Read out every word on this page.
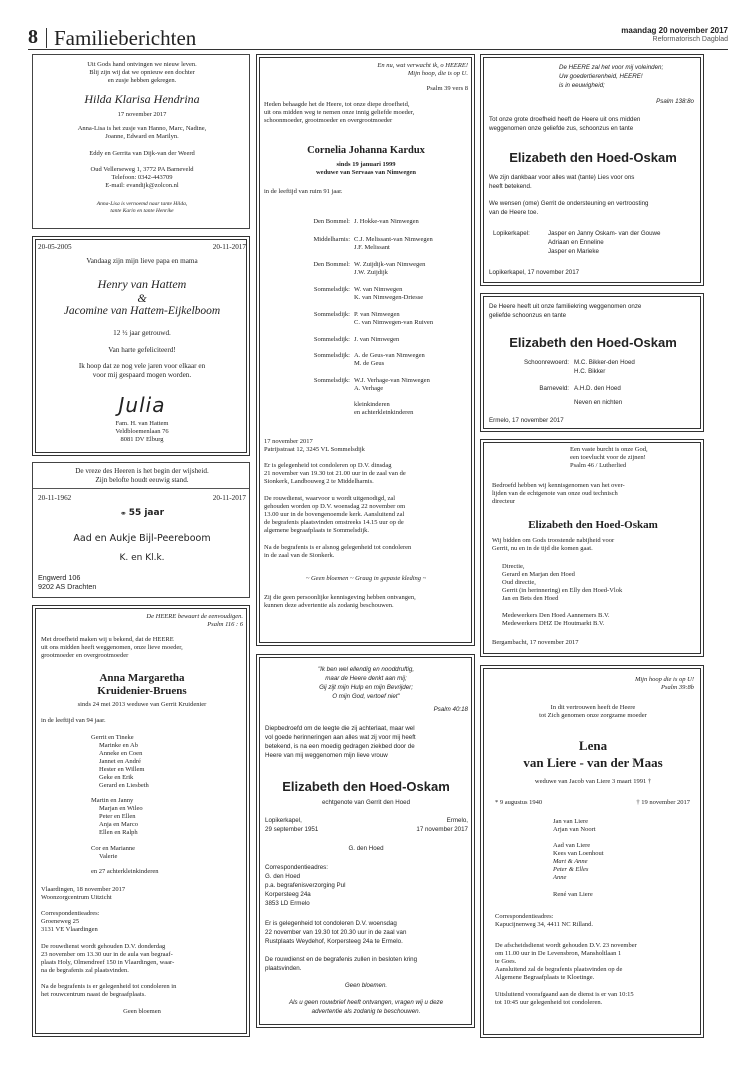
8 Familieberichten	maandag 20 november 2017
Reformatorisch Dagblad
Uit Gods hand ontvingen we nieuw leven.
Blij zijn wij dat we opnieuw een dochter
en zusje hebben gekregen.
Hilda Klarisa Hendrina
17 november 2017
Anna-Lisa is het zusje van Hanno, Marc, Nadine,
Joanne, Edward en Marilyn.
Eddy en Gerrita van Dijk-van der Weerd
Oud Vellerseweg 1, 3772 PA Barneveld
Telefoon: 0342-443709
E-mail: evandijk@zolcon.nl
Anna-Lisa is vernoemd naar tante Hilda,
tante Karin en tante Henrike
20-05-2005	20-11-2017
Vandaag zijn mijn lieve papa en mama
Henry van Hattem
&
Jacomine van Hattem-Eijkelboom
12 ½ jaar getrouwd.
Van harte gefeliciteerd!
Ik hoop dat ze nog vele jaren voor elkaar en
voor mij gespaard mogen worden.
Julia
Fam. H. van Hattem
Veldbloemenlaan 76
8081 DV Elburg
De vreze des Heeren is het begin der wijsheid.
Zijn belofte houdt eeuwig stand.
20-11-1962	20-11-2017
⚭ 55 jaar
Aad en Aukje Bijl-Peereboom
K. en Kl.k.
Engwerd 106
9202 AS Drachten
De HEERE bewaart de eenvoudigen.
Psalm 116 : 6
Met droefheid maken wij u bekend, dat de HEERE
uit ons midden heeft weggenomen, onze lieve moeder,
grootmoeder en overgrootmoeder
Anna Margaretha
Kruidenier-Bruens
sinds 24 mei 2013 weduwe van Gerrit Kruidenier
in de leeftijd van 94 jaar.
Gerrit en Tineke
Marinke en Ab
Anneke en Coen
Jannet en André
Hester en Willem
Geke en Erik
Gerard en Liesbeth
Martin en Janny
Marjan en Wileo
Peter en Ellen
Anja en Marco
Ellen en Ralph
Cor en Marianne
Valerie
en 27 achterkleinkinderen
Vlaardingen, 18 november 2017
Woonzorgcentrum Uitzicht
Correspondentieadres:
Groeneweg 25
3131 VE Vlaardingen
De rouwdienst wordt gehouden D.V. donderdag
23 november om 13.30 uur in de aula van begraaf-
plaats Holy, Olmendreef 150 in Vlaardingen, waar-
na de begrafenis zal plaatsvinden.
Na de begrafenis is er gelegenheid tot condoleren in
het rouwcentrum naast de begraafplaats.
Geen bloemen
En nu, wat verwacht ik, o HEERE!
Mijn hoop, die is op U.
Psalm 39 vers 8
Heden behaagde het de Heere, tot onze diepe droefheid,
uit ons midden weg te nemen onze innig geliefde moeder,
schoonmoeder, grootmoeder en overgrootmoeder
Cornelia Johanna Kardux
sinds 19 januari 1999
weduwe van Servaas van Nimwegen
in de leeftijd van ruim 91 jaar.
Den Bommel: J. Hokke-van Nimwegen
Middelharnis: C.J. Melissant-van Nimwegen
J.F. Melissant
Den Bommel: W. Zuijdijk-van Nimwegen
J.W. Zuijdijk
Sommelsdijk: W. van Nimwegen
K. van Nimwegen-Driesse
Sommelsdijk: P. van Nimwegen
C. van Nimwegen-van Ruiven
Sommelsdijk: J. van Nimwegen
Sommelsdijk: A. de Geus-van Nimwegen
M. de Geus
Sommelsdijk: W.J. Verhage-van Nimwegen
A. Verhage
kleinkinderen
en achterkleinkinderen
17 november 2017
Patrijsstraat 12, 3245 VL Sommelsdijk
Er is gelegenheid tot condoleren op D.V. dinsdag
21 november van 19.30 tot 21.00 uur in de zaal van de
Sionkerk, Landbouweg 2 te Middelharnis.
De rouwdienst, waarvoor u wordt uitgenodigd, zal
gehouden worden op D.V. woensdag 22 november om
13.00 uur in de bovengenoemde kerk. Aansluitend zal
de begrafenis plaatsvinden omstreeks 14.15 uur op de
algemene begraafplaats te Sommelsdijk.
Na de begrafenis is er alsnog gelegenheid tot condoleren
in de zaal van de Sionkerk.
~ Geen bloemen ~ Graag in gepaste kleding ~
Zij die geen persoonlijke kennisgeving hebben ontvangen,
kunnen deze advertentie als zodanig beschouwen.
"Ik ben wel ellendig en nooddruftig,
maar de Heere denkt aan mij;
Gij zijt mijn Hulp en mijn Bevrijder;
O mijn God, vertoef niet"
Psalm 40:18
Diepbedroefd om de leegte die zij achterlaat, maar wel
vol goede herinneringen aan alles wat zij voor mij heeft
betekend, is na een moedig gedragen ziekbed door de
Heere van mij weggenomen mijn lieve vrouw
Elizabeth den Hoed-Oskam
echtgenote van Gerrit den Hoed
Lopikerkapel,
29 september 1951
Ermelo,
17 november 2017
G. den Hoed
Correspondentieadres:
G. den Hoed
p.a. begrafenisverzorging Pul
Korpersteeg 24a
3853 LD Ermelo
Er is gelegenheid tot condoleren D.V. woensdag
22 november van 19.30 tot 20.30 uur in de zaal van
Rustplaats Weydehof, Korpersteeg 24a te Ermelo.
De rouwdienst en de begrafenis zullen in besloten kring
plaatsvinden.
Geen bloemen.
Als u geen rouwbrief heeft ontvangen, vragen wij u deze
advertentie als zodanig te beschouwen.
De HEERE zal het voor mij voleinden;
Uw goedertierenheid, HEERE!
is in eeuwigheid;
Psalm 138:8o
Tot onze grote droefheid heeft de Heere uit ons midden
weggenomen onze geliefde zus, schoonzus en tante
Elizabeth den Hoed-Oskam
We zijn dankbaar voor alles wat (tante) Lies voor ons
heeft betekend.
We wensen (ome) Gerrit de ondersteuning en vertroosting
van de Heere toe.
Lopikerkapel:	Jasper en Janny Oskam- van der Gouwe
Adriaan en Enneline
Jasper en Marieke
Lopikerkapel, 17 november 2017
De Heere heeft uit onze familiekring weggenomen onze
geliefde schoonzus en tante
Elizabeth den Hoed-Oskam
Schoonrewoerd: M.C. Bikker-den Hoed
H.C. Bikker
Barneveld: A.H.D. den Hoed
Neven en nichten
Ermelo, 17 november 2017
Een vaste burcht is onze God,
een toevlucht voor de zijnen!
Psalm 46 / Lutherlied
Bedroefd hebben wij kennisgenomen van het over-
lijden van de echtgenote van onze oud technisch
directeur
Elizabeth den Hoed-Oskam
Wij bidden om Gods troostende nabijheid voor
Gerrit, nu en in de tijd die komen gaat.
Directie,
Gerard en Marjan den Hoed
Oud directie,
Gerrit (in herinnering) en Elly den Hoed-Vlok
Jan en Bets den Hoed
Medewerkers Den Hoed Aannemers B.V.
Medewerkers DHZ De Houtmarkt B.V.
Bergambacht, 17 november 2017
Mijn hoop die is op U!
Psalm 39:8b
In dit vertrouwen heeft de Heere
tot Zich genomen onze zorgzame moeder
Lena
van Liere - van der Maas
weduwe van Jacob van Liere 3 maart 1991 †
* 9 augustus 1940	† 19 november 2017
Jan van Liere
Arjan van Noort
Aad van Liere
Kees van Loenhout
Mart & Anne
Peter & Elles
Anne
René van Liere
Correspondentieadres:
Kapucijnenweg 34, 4411 NC Rilland.
De afscheidsdienst wordt gehouden D.V. 23 november
om 11.00 uur in De Levensbron, Mansholtlaan 1
te Goes.
Aansluitend zal de begrafenis plaatsvinden op de
Algemene Begraafplaats te Kloetinge.
Uitsluitend voorafgaand aan de dienst is er van 10:15
tot 10:45 uur gelegenheid tot condoleren.
